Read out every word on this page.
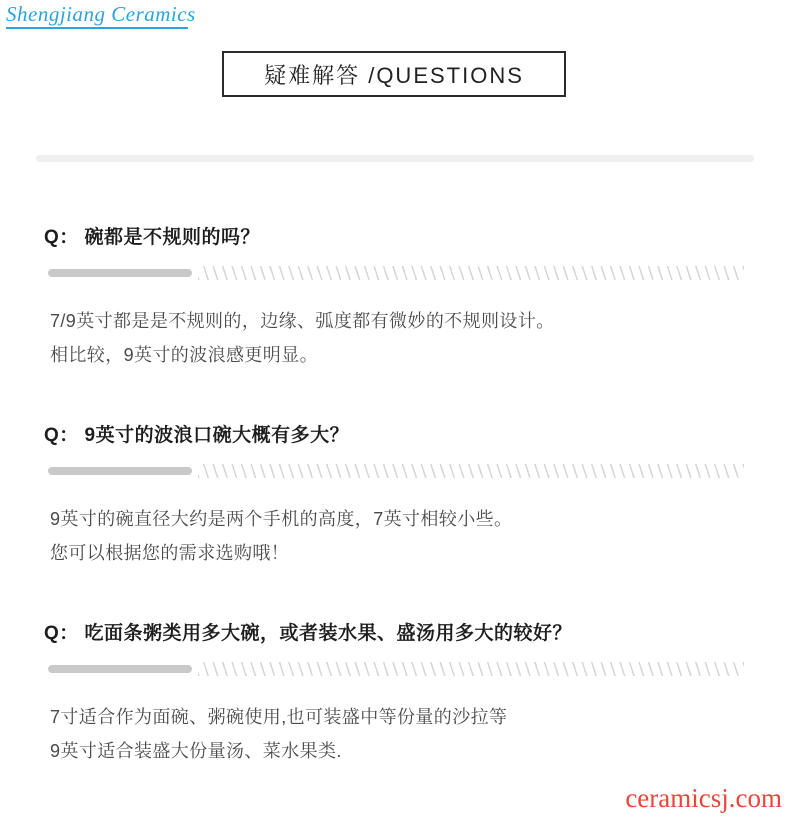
Shengjiang Ceramics
疑难解答 /QUESTIONS
Q： 碗都是不规则的吗？
7/9英寸都是是不规则的，边缘、弧度都有微妙的不规则设计。
相比较，9英寸的波浪感更明显。
Q： 9英寸的波浪口碗大概有多大？
9英寸的碗直径大约是两个手机的高度，7英寸相较小些。
您可以根据您的需求选购哦！
Q： 吃面条粥类用多大碗，或者装水果、盛汤用多大的较好？
7寸适合作为面碗、粥碗使用,也可装盛中等份量的沙拉等
9英寸适合装盛大份量汤、菜水果类.
ceramicsj.com
